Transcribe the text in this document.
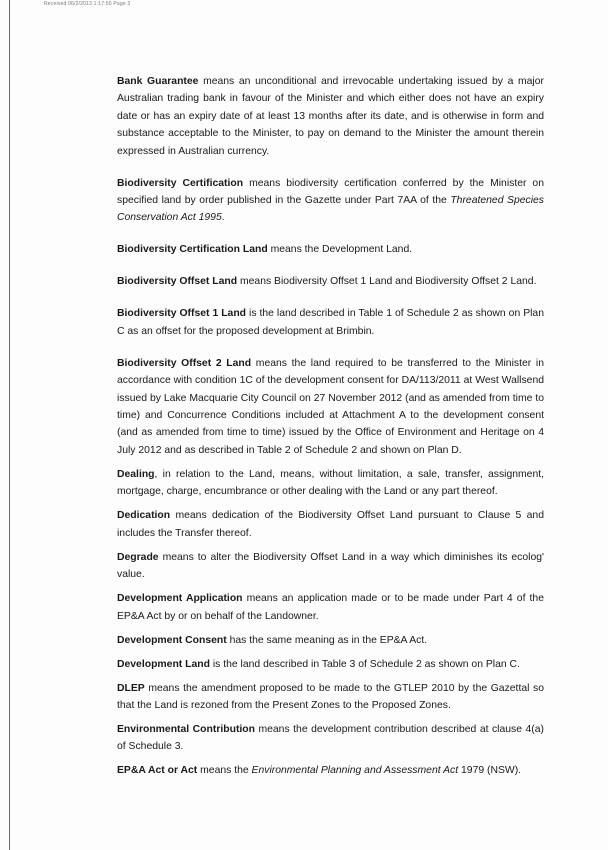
Received 06/2/2013 1:17:50 Page 3

Bank Guarantee means an unconditional and irrevocable undertaking issued by a major Australian trading bank in favour of the Minister and which either does not have an expiry date or has an expiry date of at least 13 months after its date, and is otherwise in form and substance acceptable to the Minister, to pay on demand to the Minister the amount therein expressed in Australian currency.

Biodiversity Certification means biodiversity certification conferred by the Minister on specified land by order published in the Gazette under Part 7AA of the Threatened Species Conservation Act 1995.

Biodiversity Certification Land means the Development Land.

Biodiversity Offset Land means Biodiversity Offset 1 Land and Biodiversity Offset 2 Land.

Biodiversity Offset 1 Land is the land described in Table 1 of Schedule 2 as shown on Plan C as an offset for the proposed development at Brimbin.

Biodiversity Offset 2 Land means the land required to be transferred to the Minister in accordance with condition 1C of the development consent for DA/113/2011 at West Wallsend issued by Lake Macquarie City Council on 27 November 2012 (and as amended from time to time) and Concurrence Conditions included at Attachment A to the development consent (and as amended from time to time) issued by the Office of Environment and Heritage on 4 July 2012 and as described in Table 2 of Schedule 2 and shown on Plan D.

Dealing, in relation to the Land, means, without limitation, a sale, transfer, assignment, mortgage, charge, encumbrance or other dealing with the Land or any part thereof.

Dedication means dedication of the Biodiversity Offset Land pursuant to Clause 5 and includes the Transfer thereof.

Degrade means to alter the Biodiversity Offset Land in a way which diminishes its ecolog' value.

Development Application means an application made or to be made under Part 4 of the EP&A Act by or on behalf of the Landowner.

Development Consent has the same meaning as in the EP&A Act.

Development Land is the land described in Table 3 of Schedule 2 as shown on Plan C.

DLEP means the amendment proposed to be made to the GTLEP 2010 by the Gazettal so that the Land is rezoned from the Present Zones to the Proposed Zones.

Environmental Contribution means the development contribution described at clause 4(a) of Schedule 3.

EP&A Act or Act means the Environmental Planning and Assessment Act 1979 (NSW).
